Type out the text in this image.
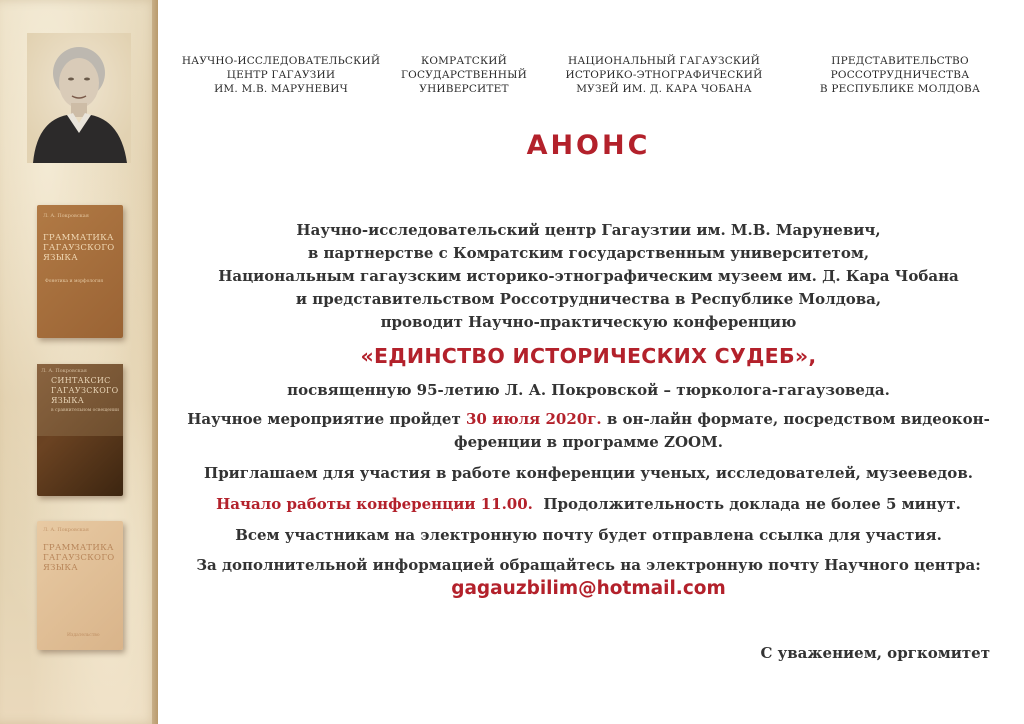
Л. А. Покровская
ГРАММАТИКА ГАГАУЗСКОГО ЯЗЫКА
Фонетика и морфология
Л. А. Покровская
СИНТАКСИС ГАГАУЗСКОГО ЯЗЫКА
в сравнительном освещении
Л. А. Покровская
ГРАММАТИКА ГАГАУЗСКОГО ЯЗЫКА
Издательство
НАУЧНО-ИССЛЕДОВАТЕЛЬСКИЙ
ЦЕНТР ГАГАУЗИИ
ИМ. М.В. МАРУНЕВИЧ
КОМРАТСКИЙ
ГОСУДАРСТВЕННЫЙ
УНИВЕРСИТЕТ
НАЦИОНАЛЬНЫЙ ГАГАУЗСКИЙ
ИСТОРИКО-ЭТНОГРАФИЧЕСКИЙ
МУЗЕЙ ИМ. Д. КАРА ЧОБАНА
ПРЕДСТАВИТЕЛЬСТВО
РОССОТРУДНИЧЕСТВА
В РЕСПУБЛИКЕ МОЛДОВА
АНОНС
Научно-исследовательский центр Гагаузтии им. М.В. Маруневич,
в партнерстве с Комратским государственным университетом,
Национальным гагаузским историко-этнографическим музеем им. Д. Кара Чобана
и представительством Россотрудничества в Республике Молдова,
проводит Научно-практическую конференцию
«ЕДИНСТВО ИСТОРИЧЕСКИХ СУДЕБ»,
посвященную 95-летию Л. А. Покровской – тюрколога-гагаузоведа.
Научное мероприятие пройдет 30 июля 2020г. в он-лайн формате, посредством видеокон-
ференции в программе ZOOM.
Приглашаем для участия в работе конференции ученых, исследователей, музееведов.
Начало работы конференции 11.00.  Продолжительность доклада не более 5 минут.
Всем участникам на электронную почту будет отправлена ссылка для участия.
За дополнительной информацией обращайтесь на электронную почту Научного центра:
gagauzbilim@hotmail.com
С уважением, оргкомитет
